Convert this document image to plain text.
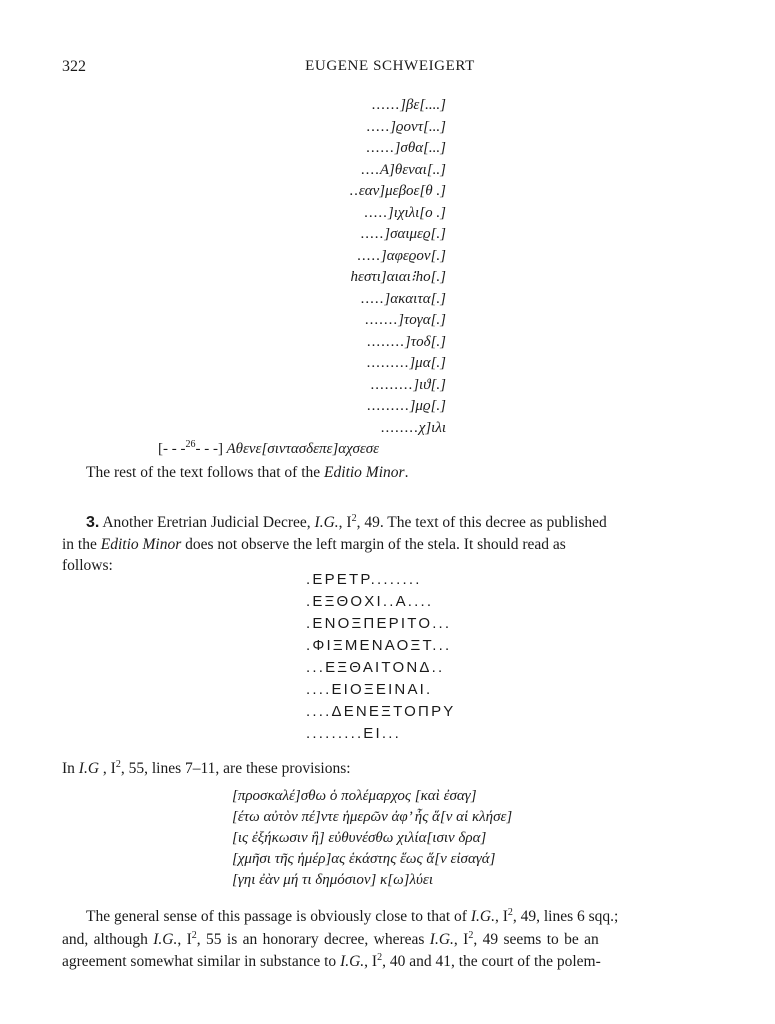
322	EUGENE SCHWEIGERT
......]βε[....]
.....]ϱοντ[...]
......]σθα[...]
....Α]θεναι[..]
..εαν]μεβοε[θ .]
.....]ιχιλι[ο .]
.....]σαιμεϱ[.]
.....]αφεϱον[.]
hεστι]αιαι⁝hο[.]
.....]ακαιτα[.]
.......]τογα[.]
........]τοδ[.]
.........]μα[.]
.........]ιϑ[.]
.........]μϱ[.]
........χ]ιλι
[- - -$^{26}$- - -] Αθενε[σιντασδεπε]αχσεσε
The rest of the text follows that of the Editio Minor.
3. Another Eretrian Judicial Decree, I.G., $I^2$, 49. The text of this decree as published
in the Editio Minor does not observe the left margin of the stela. It should read as
follows:
.ΕΡΕΤΡ........
.ΕΞΘΟΧΙ..Α....
.ΕΝΟΞΠΕΡΙΤΟ...
.ΦΙΞΜΕΝΑΟΞΤ...
...ΕΞΘΑΙΤΟΝΔ..
....ΕΙΟΞΕΙΝΑΙ.
....ΔΕΝΕΞΤΟΠΡΥ
.........ΕΙ...
In I.G , $I^2$, 55, lines 7–11, are these provisions:
[προσκαλέ]σθω ὁ πολέμαρχος [καὶ ἐσαγ]
[έτω αὐτὸν πέ]ντε ἡμερῶν ἀφ’ ἧς ἅ[ν αἱ κλήσε]
[ις ἐξήκωσιν ἢ] εὐθυνέσθω χιλία[ισιν δρα]
[χμῆσι τῆς ἡμέρ]ας ἑκάστης ἕως ἅ[ν εἰσαγά]
[γηι ἐὰν μή τι δημόσιον] κ[ω]λύει
The general sense of this passage is obviously close to that of I.G., $I^2$, 49, lines 6 sqq.;
and, although I.G., $I^2$, 55 is an honorary decree, whereas I.G., $I^2$, 49 seems to be an
agreement somewhat similar in substance to I.G., $I^2$, 40 and 41, the court of the polem-
